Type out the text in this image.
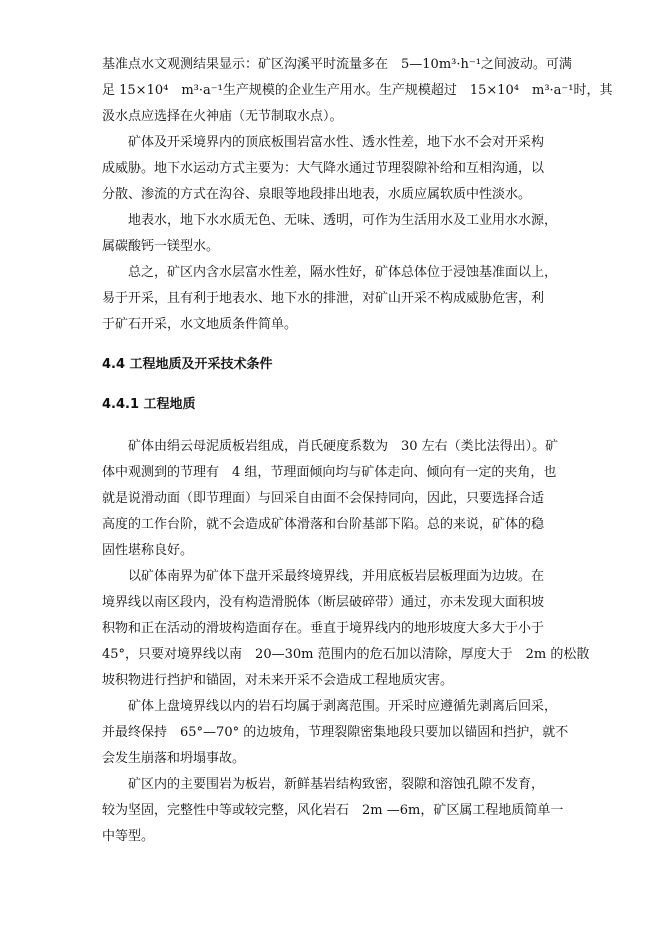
基准点水文观测结果显示：矿区沟溪平时流量多在　5—10m³·h⁻¹之间波动。可满
足 15×10⁴　m³·a⁻¹生产规模的企业生产用水。生产规模超过　15×10⁴　m³·a⁻¹时，其
汲水点应选择在火神庙（无节制取水点）。
矿体及开采境界内的顶底板围岩富水性、透水性差，地下水不会对开采构
成威胁。地下水运动方式主要为：大气降水通过节理裂隙补给和互相沟通，以
分散、渗流的方式在沟谷、泉眼等地段排出地表，水质应属软质中性淡水。
地表水，地下水水质无色、无味、透明，可作为生活用水及工业用水水源，
属碳酸钙一镁型水。
总之，矿区内含水层富水性差，隔水性好，矿体总体位于浸蚀基准面以上，
易于开采，且有利于地表水、地下水的排泄，对矿山开采不构成威胁危害，利
于矿石开采，水文地质条件简单。
4.4 工程地质及开采技术条件
4.4.1 工程地质
矿体由绢云母泥质板岩组成，肖氏硬度系数为　30 左右（类比法得出）。矿
体中观测到的节理有　4 组，节理面倾向均与矿体走向、倾向有一定的夹角，也
就是说滑动面（即节理面）与回采自由面不会保持同向，因此，只要选择合适
高度的工作台阶，就不会造成矿体滑落和台阶基部下陷。总的来说，矿体的稳
固性堪称良好。
以矿体南界为矿体下盘开采最终境界线，并用底板岩层板理面为边坡。在
境界线以南区段内，没有构造滑脱体（断层破碎带）通过，亦未发现大面积坡
积物和正在活动的滑坡构造面存在。垂直于境界线内的地形坡度大多大于小于
45°，只要对境界线以南　20—30m 范围内的危石加以清除，厚度大于　2m 的松散
坡积物进行挡护和锚固，对未来开采不会造成工程地质灾害。
矿体上盘境界线以内的岩石均属于剥离范围。开采时应遵循先剥离后回采，
并最终保持　65°—70° 的边坡角，节理裂隙密集地段只要加以锚固和挡护，就不
会发生崩落和坍塌事故。
矿区内的主要围岩为板岩，新鲜基岩结构致密，裂隙和溶蚀孔隙不发育，
较为坚固，完整性中等或较完整，风化岩石　2m —6m，矿区属工程地质简单一
中等型。
